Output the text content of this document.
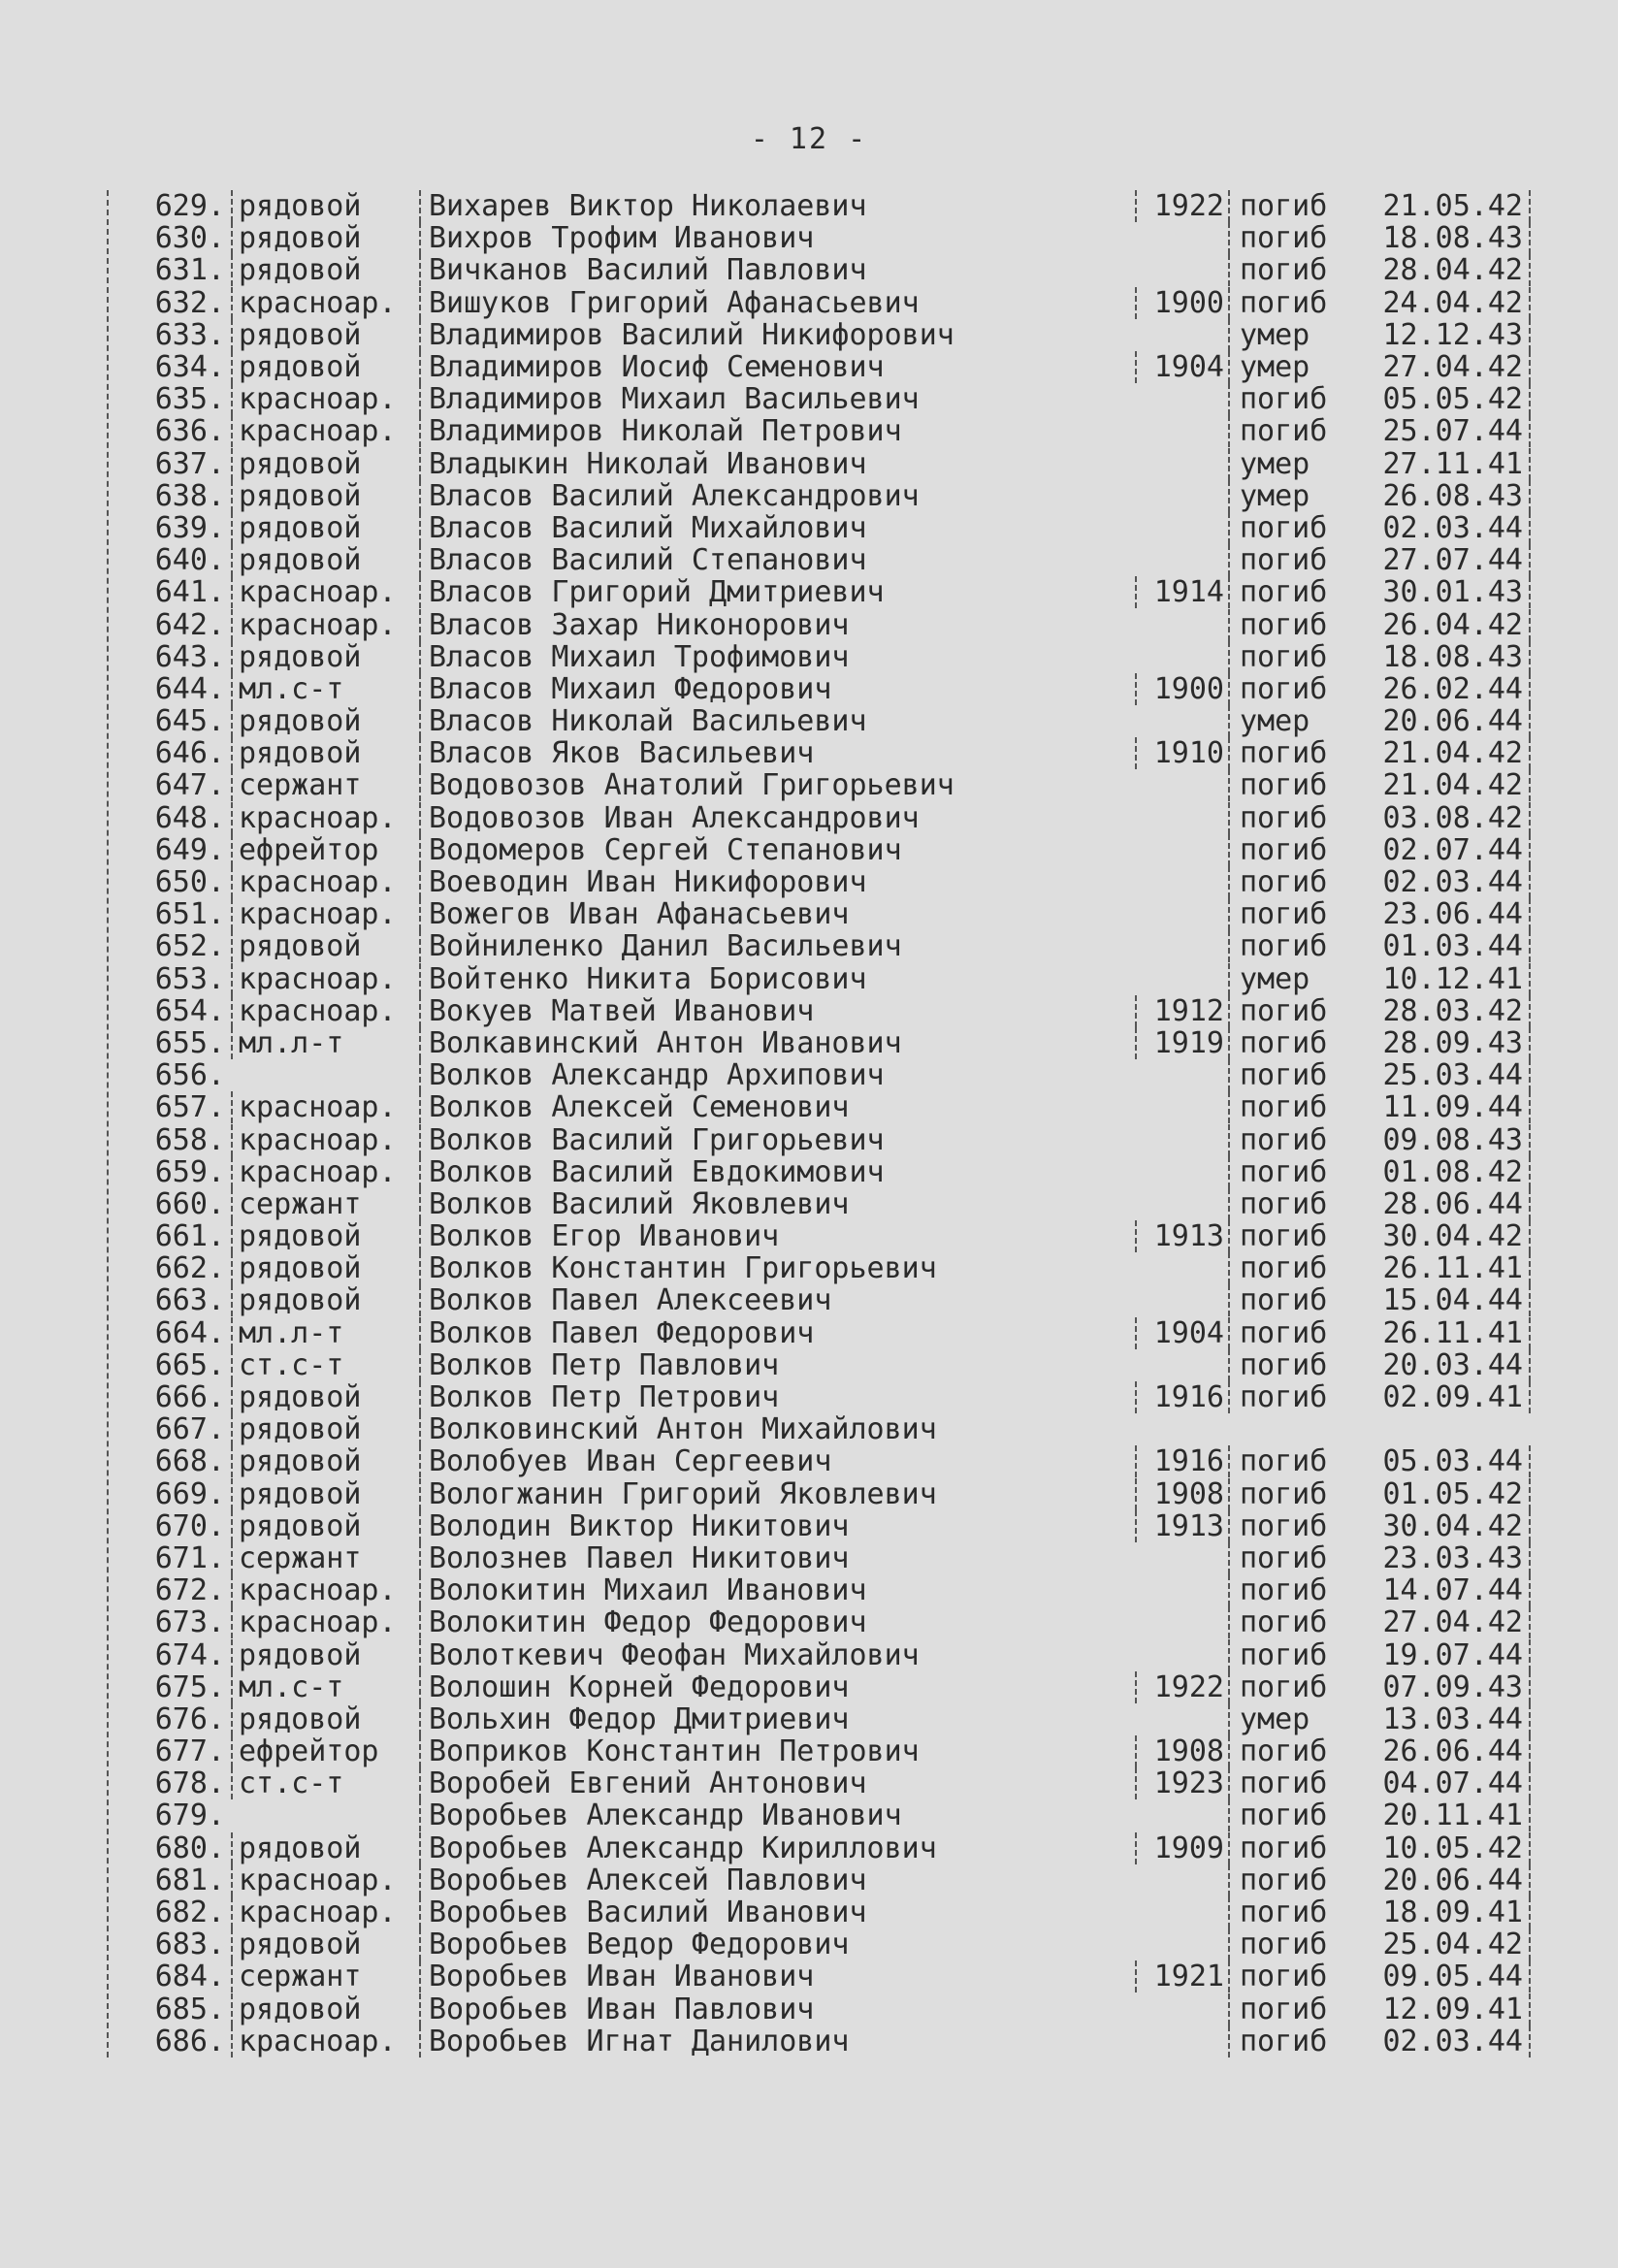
- 12 -
629. рядовой	Вихарев Виктор Николаевич	1922 погиб	21.05.42
630. рядовой	Вихров Трофим Иванович	погиб	18.08.43
631. рядовой	Вичканов Василий Павлович	погиб	28.04.42
632. красноар.	Вишуков Григорий Афанасьевич	1900 погиб	24.04.42
633. рядовой	Владимиров Василий Никифорович	умер	12.12.43
634. рядовой	Владимиров Иосиф Семенович	1904 умер	27.04.42
635. красноар.	Владимиров Михаил Васильевич	погиб	05.05.42
636. красноар.	Владимиров Николай Петрович	погиб	25.07.44
637. рядовой	Владыкин Николай Иванович	умер	27.11.41
638. рядовой	Власов Василий Александрович	умер	26.08.43
639. рядовой	Власов Василий Михайлович	погиб	02.03.44
640. рядовой	Власов Василий Степанович	погиб	27.07.44
641. красноар.	Власов Григорий Дмитриевич	1914 погиб	30.01.43
642. красноар.	Власов Захар Никонорович	погиб	26.04.42
643. рядовой	Власов Михаил Трофимович	погиб	18.08.43
644. мл.с-т	Власов Михаил Федорович	1900 погиб	26.02.44
645. рядовой	Власов Николай Васильевич	умер	20.06.44
646. рядовой	Власов Яков Васильевич	1910 погиб	21.04.42
647. сержант	Водовозов Анатолий Григорьевич	погиб	21.04.42
648. красноар.	Водовозов Иван Александрович	погиб	03.08.42
649. ефрейтор	Водомеров Сергей Степанович	погиб	02.07.44
650. красноар.	Воеводин Иван Никифорович	погиб	02.03.44
651. красноар.	Вожегов Иван Афанасьевич	погиб	23.06.44
652. рядовой	Войниленко Данил Васильевич	погиб	01.03.44
653. красноар.	Войтенко Никита Борисович	умер	10.12.41
654. красноар.	Вокуев Матвей Иванович	1912 погиб	28.03.42
655. мл.л-т	Волкавинский Антон Иванович	1919 погиб	28.09.43
656.	Волков Александр Архипович	погиб	25.03.44
657. красноар.	Волков Алексей Семенович	погиб	11.09.44
658. красноар.	Волков Василий Григорьевич	погиб	09.08.43
659. красноар.	Волков Василий Евдокимович	погиб	01.08.42
660. сержант	Волков Василий Яковлевич	погиб	28.06.44
661. рядовой	Волков Егор Иванович	1913 погиб	30.04.42
662. рядовой	Волков Константин Григорьевич	погиб	26.11.41
663. рядовой	Волков Павел Алексеевич	погиб	15.04.44
664. мл.л-т	Волков Павел Федорович	1904 погиб	26.11.41
665. ст.с-т	Волков Петр Павлович	погиб	20.03.44
666. рядовой	Волков Петр Петрович	1916 погиб	02.09.41
667. рядовой	Волковинский Антон Михайлович
668. рядовой	Волобуев Иван Сергеевич	1916 погиб	05.03.44
669. рядовой	Вологжанин Григорий Яковлевич	1908 погиб	01.05.42
670. рядовой	Володин Виктор Никитович	1913 погиб	30.04.42
671. сержант	Волознев Павел Никитович	погиб	23.03.43
672. красноар.	Волокитин Михаил Иванович	погиб	14.07.44
673. красноар.	Волокитин Федор Федорович	погиб	27.04.42
674. рядовой	Волоткевич Феофан Михайлович	погиб	19.07.44
675. мл.с-т	Волошин Корней Федорович	1922 погиб	07.09.43
676. рядовой	Вольхин Федор Дмитриевич	умер	13.03.44
677. ефрейтор	Воприков Константин Петрович	1908 погиб	26.06.44
678. ст.с-т	Воробей Евгений Антонович	1923 погиб	04.07.44
679.	Воробьев Александр Иванович	погиб	20.11.41
680. рядовой	Воробьев Александр Кириллович	1909 погиб	10.05.42
681. красноар.	Воробьев Алексей Павлович	погиб	20.06.44
682. красноар.	Воробьев Василий Иванович	погиб	18.09.41
683. рядовой	Воробьев Ведор Федорович	погиб	25.04.42
684. сержант	Воробьев Иван Иванович	1921 погиб	09.05.44
685. рядовой	Воробьев Иван Павлович	погиб	12.09.41
686. красноар.	Воробьев Игнат Данилович	погиб	02.03.44
